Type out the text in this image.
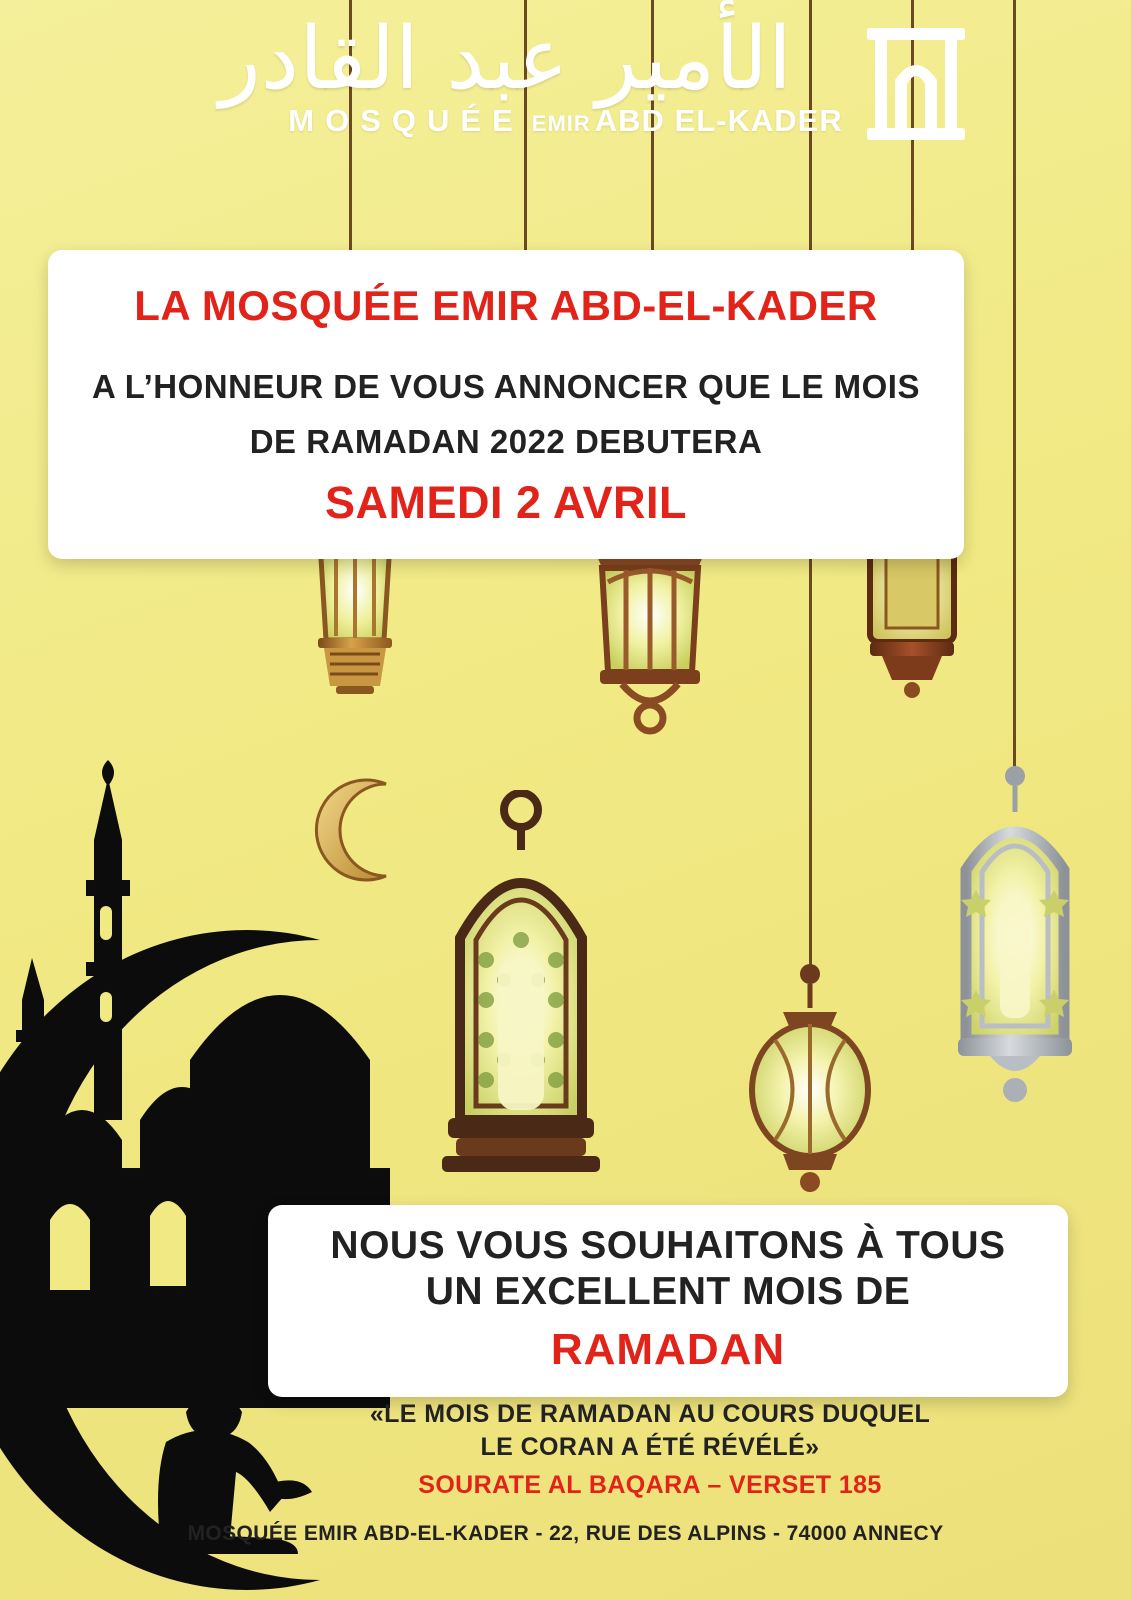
الأمير عبد القادر
MOSQUÉE EMIR ABD EL-KADER
LA MOSQUÉE EMIR ABD-EL-KADER
A L’HONNEUR DE VOUS ANNONCER QUE LE MOIS
DE RAMADAN 2022 DEBUTERA
SAMEDI 2 AVRIL
NOUS VOUS SOUHAITONS À TOUS
UN EXCELLENT MOIS DE
RAMADAN
«LE MOIS DE RAMADAN AU COURS DUQUEL
LE CORAN A ÉTÉ RÉVÉLÉ»
SOURATE AL BAQARA – VERSET 185
MOSQUÉE EMIR ABD-EL-KADER - 22, RUE DES ALPINS - 74000 ANNECY
